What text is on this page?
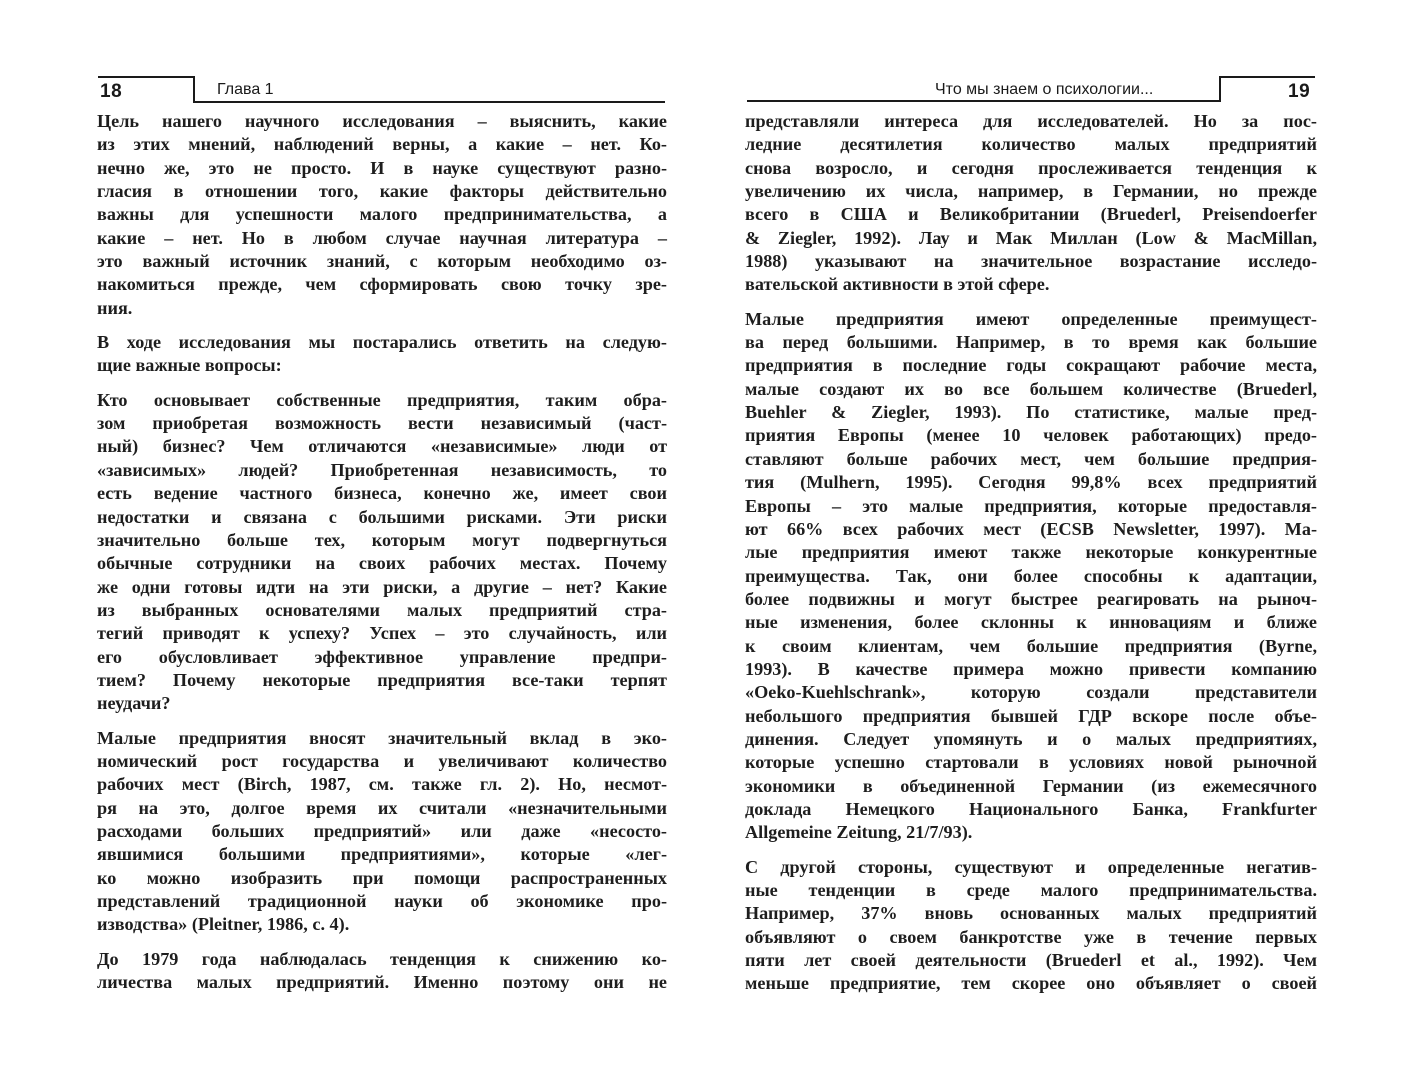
18	Глава 1
Цель нашего научного исследования – выяснить, какие
из этих мнений, наблюдений верны, а какие – нет. Ко-
нечно же, это не просто. И в науке существуют разно-
гласия в отношении того, какие факторы действительно
важны для успешности малого предпринимательства, а
какие – нет. Но в любом случае научная литература –
это важный источник знаний, с которым необходимо оз-
накомиться прежде, чем сформировать свою точку зре-
ния.
В ходе исследования мы постарались ответить на следую-
щие важные вопросы:
Кто основывает собственные предприятия, таким обра-
зом приобретая возможность вести независимый (част-
ный) бизнес? Чем отличаются «независимые» люди от
«зависимых» людей? Приобретенная независимость, то
есть ведение частного бизнеса, конечно же, имеет свои
недостатки и связана с большими рисками. Эти риски
значительно больше тех, которым могут подвергнуться
обычные сотрудники на своих рабочих местах. Почему
же одни готовы идти на эти риски, а другие – нет? Какие
из выбранных основателями малых предприятий стра-
тегий приводят к успеху? Успех – это случайность, или
его обусловливает эффективное управление предпри-
тием? Почему некоторые предприятия все-таки терпят
неудачи?
Малые предприятия вносят значительный вклад в эко-
номический рост государства и увеличивают количество
рабочих мест (Birch, 1987, см. также гл. 2). Но, несмот-
ря на это, долгое время их считали «незначительными
расходами больших предприятий» или даже «несосто-
явшимися большими предприятиями», которые «лег-
ко можно изобразить при помощи распространенных
представлений традиционной науки об экономике про-
изводства» (Pleitner, 1986, с. 4).
До 1979 года наблюдалась тенденция к снижению ко-
личества малых предприятий. Именно поэтому они не
Что мы знаем о психологии...	19
представляли интереса для исследователей. Но за пос-
ледние десятилетия количество малых предприятий
снова возросло, и сегодня прослеживается тенденция к
увеличению их числа, например, в Германии, но прежде
всего в США и Великобритании (Bruederl, Preisendoerfer
& Ziegler, 1992). Лау и Мак Миллан (Low & MacMillan,
1988) указывают на значительное возрастание исследо-
вательской активности в этой сфере.
Малые предприятия имеют определенные преимущест-
ва перед большими. Например, в то время как большие
предприятия в последние годы сокращают рабочие места,
малые создают их во все большем количестве (Bruederl,
Buehler & Ziegler, 1993). По статистике, малые пред-
приятия Европы (менее 10 человек работающих) предо-
ставляют больше рабочих мест, чем большие предприя-
тия (Mulhern, 1995). Сегодня 99,8% всех предприятий
Европы – это малые предприятия, которые предоставля-
ют 66% всех рабочих мест (ECSB Newsletter, 1997). Ма-
лые предприятия имеют также некоторые конкурентные
преимущества. Так, они более способны к адаптации,
более подвижны и могут быстрее реагировать на рыноч-
ные изменения, более склонны к инновациям и ближе
к своим клиентам, чем большие предприятия (Byrne,
1993). В качестве примера можно привести компанию
«Oeko-Kuehlschrank», которую создали представители
небольшого предприятия бывшей ГДР вскоре после объе-
динения. Следует упомянуть и о малых предприятиях,
которые успешно стартовали в условиях новой рыночной
экономики в объединенной Германии (из ежемесячного
доклада Немецкого Национального Банка, Frankfurter
Allgemeine Zeitung, 21/7/93).
С другой стороны, существуют и определенные негатив-
ные тенденции в среде малого предпринимательства.
Например, 37% вновь основанных малых предприятий
объявляют о своем банкротстве уже в течение первых
пяти лет своей деятельности (Bruederl et al., 1992). Чем
меньше предприятие, тем скорее оно объявляет о своей
